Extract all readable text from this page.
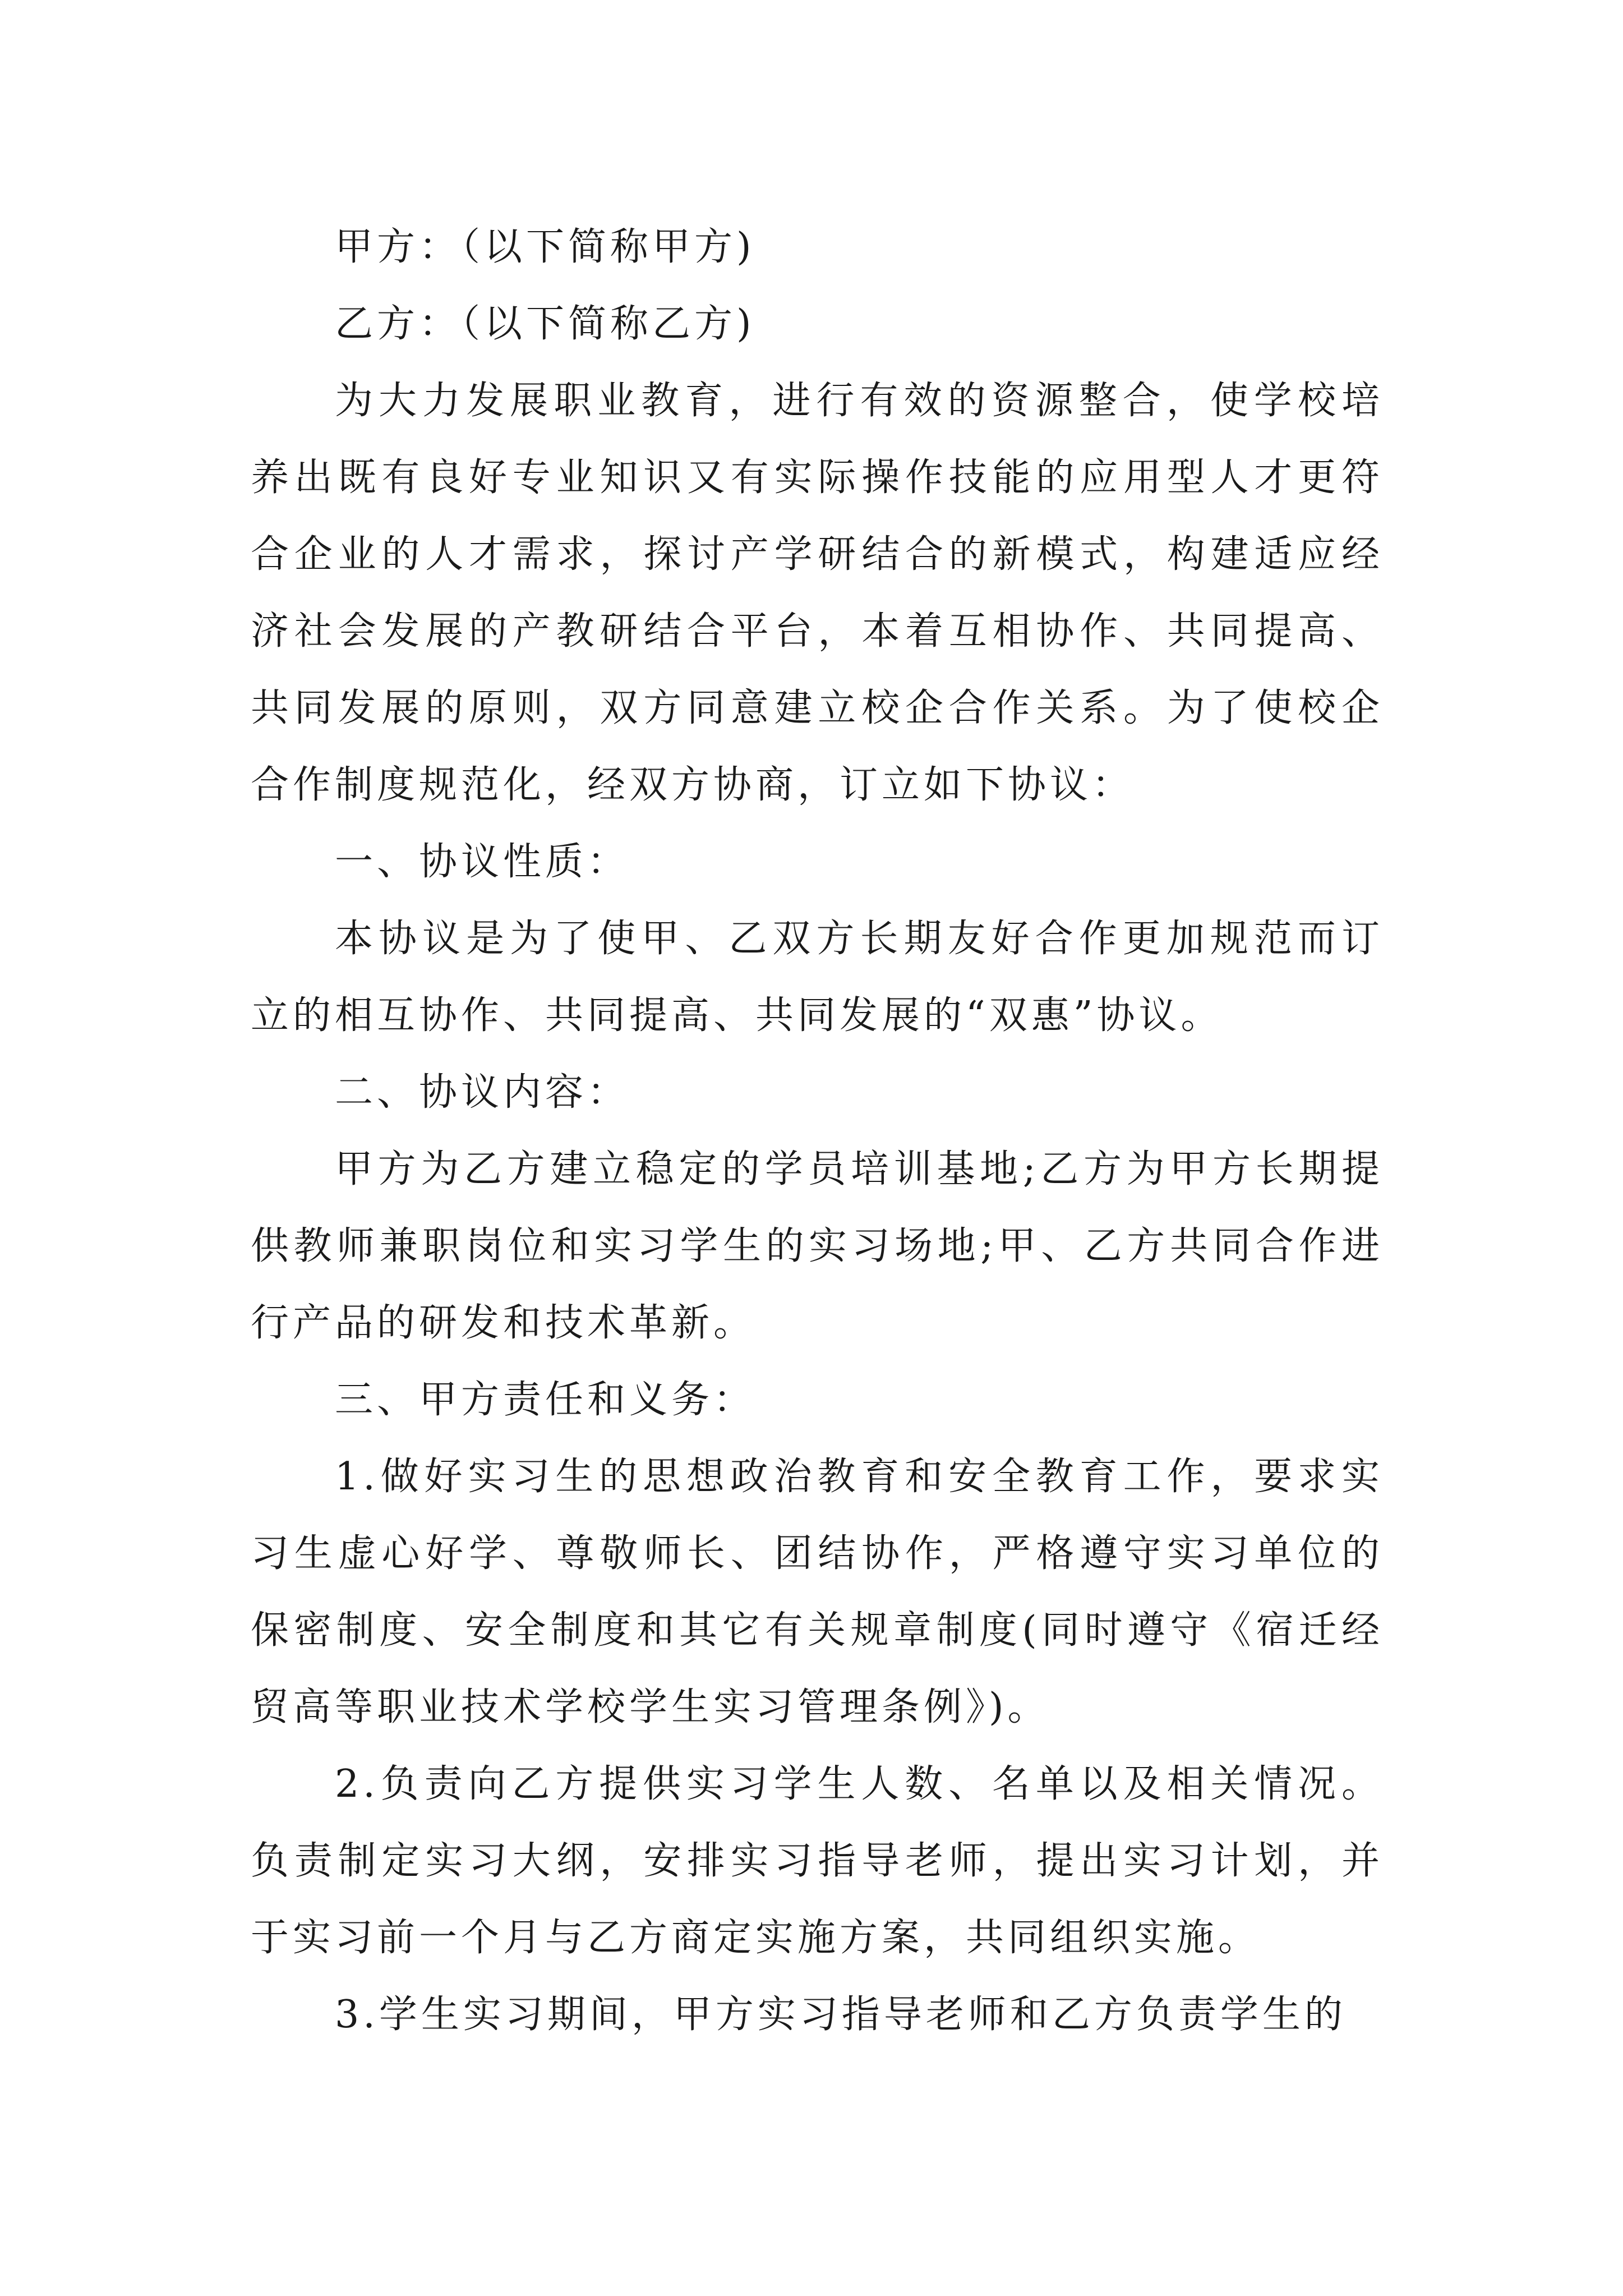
甲方：（以下简称甲方)

乙方：（以下简称乙方)

为大力发展职业教育，进行有效的资源整合，使学校培养出既有良好专业知识又有实际操作技能的应用型人才更符合企业的人才需求，探讨产学研结合的新模式，构建适应经济社会发展的产教研结合平台，本着互相协作、共同提高、共同发展的原则，双方同意建立校企合作关系。为了使校企合作制度规范化，经双方协商，订立如下协议：

一、协议性质：

本协议是为了使甲、乙双方长期友好合作更加规范而订立的相互协作、共同提高、共同发展的“双惠”协议。

二、协议内容：

甲方为乙方建立稳定的学员培训基地;乙方为甲方长期提供教师兼职岗位和实习学生的实习场地;甲、乙方共同合作进行产品的研发和技术革新。

三、甲方责任和义务：

1.做好实习生的思想政治教育和安全教育工作，要求实习生虚心好学、尊敬师长、团结协作，严格遵守实习单位的保密制度、安全制度和其它有关规章制度(同时遵守《宿迁经贸高等职业技术学校学生实习管理条例》)。

2.负责向乙方提供实习学生人数、名单以及相关情况。负责制定实习大纲，安排实习指导老师，提出实习计划，并于实习前一个月与乙方商定实施方案，共同组织实施。

3.学生实习期间，甲方实习指导老师和乙方负责学生的
